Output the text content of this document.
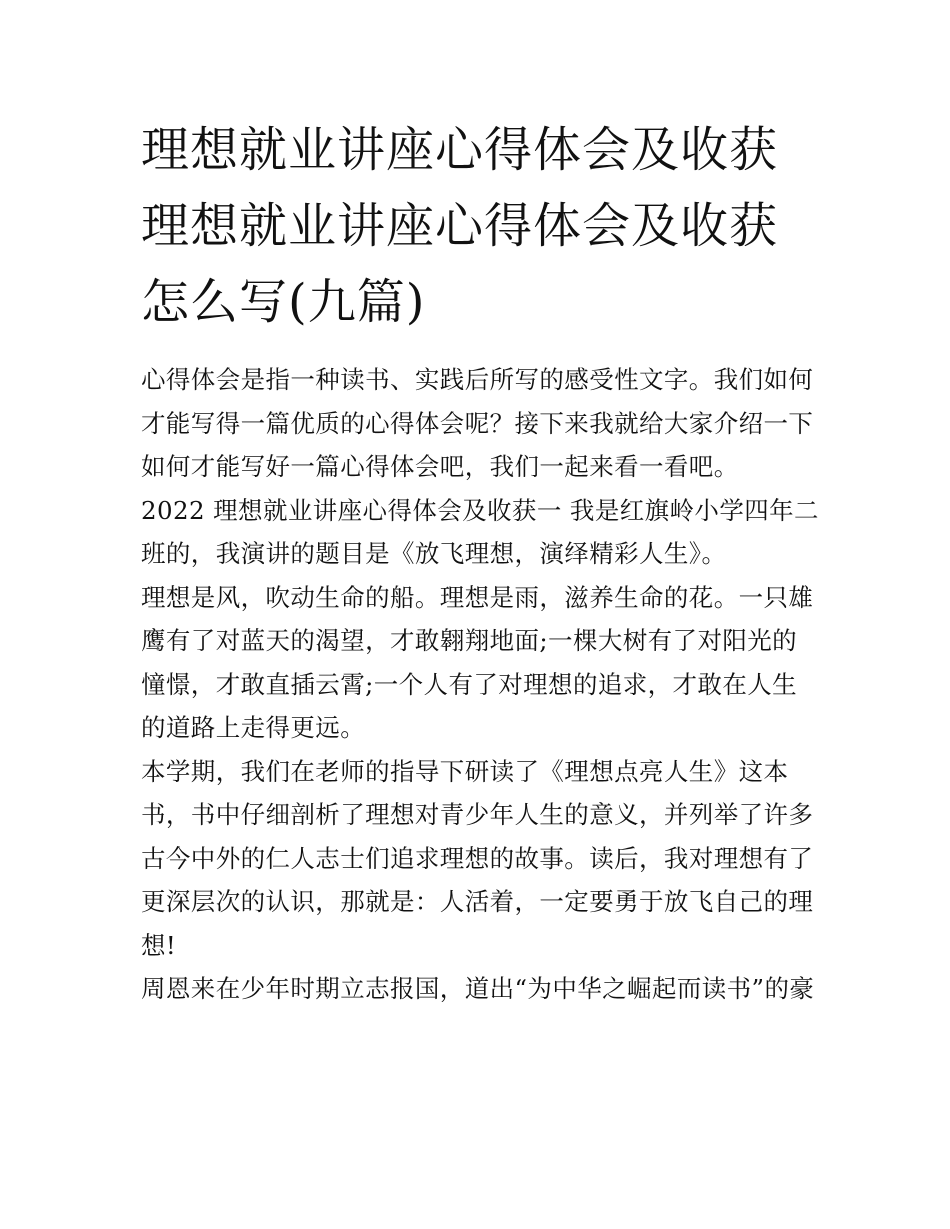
理想就业讲座心得体会及收获
理想就业讲座心得体会及收获
怎么写(九篇)
心得体会是指一种读书、实践后所写的感受性文字。我们如何
才能写得一篇优质的心得体会呢？接下来我就给大家介绍一下
如何才能写好一篇心得体会吧，我们一起来看一看吧。
2022 理想就业讲座心得体会及收获一 我是红旗岭小学四年二
班的，我演讲的题目是《放飞理想，演绎精彩人生》。
理想是风，吹动生命的船。理想是雨，滋养生命的花。一只雄
鹰有了对蓝天的渴望，才敢翱翔地面;一棵大树有了对阳光的
憧憬，才敢直插云霄;一个人有了对理想的追求，才敢在人生
的道路上走得更远。
本学期，我们在老师的指导下研读了《理想点亮人生》这本
书，书中仔细剖析了理想对青少年人生的意义，并列举了许多
古今中外的仁人志士们追求理想的故事。读后，我对理想有了
更深层次的认识，那就是：人活着，一定要勇于放飞自己的理
想!
周恩来在少年时期立志报国，道出“为中华之崛起而读书”的豪
